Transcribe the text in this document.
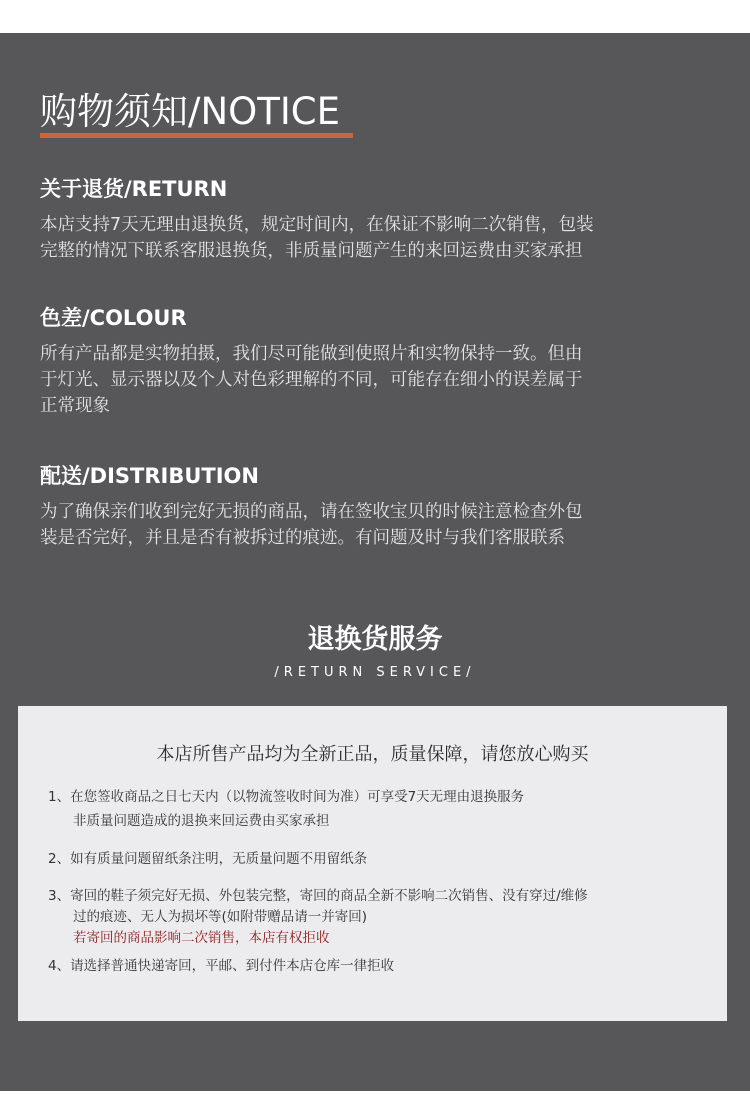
购物须知/NOTICE
关于退货/RETURN
本店支持7天无理由退换货，规定时间内，在保证不影响二次销售，包装
完整的情况下联系客服退换货，非质量问题产生的来回运费由买家承担
色差/COLOUR
所有产品都是实物拍摄，我们尽可能做到使照片和实物保持一致。但由
于灯光、显示器以及个人对色彩理解的不同，可能存在细小的误差属于
正常现象
配送/DISTRIBUTION
为了确保亲们收到完好无损的商品，请在签收宝贝的时候注意检查外包
装是否完好，并且是否有被拆过的痕迹。有问题及时与我们客服联系
退换货服务
/RETURN SERVICE/
本店所售产品均为全新正品，质量保障，请您放心购买
1、在您签收商品之日七天内（以物流签收时间为准）可享受7天无理由退换服务
非质量问题造成的退换来回运费由买家承担
2、如有质量问题留纸条注明，无质量问题不用留纸条
3、寄回的鞋子须完好无损、外包装完整，寄回的商品全新不影响二次销售、没有穿过/维修
过的痕迹、无人为损坏等(如附带赠品请一并寄回)
若寄回的商品影响二次销售，本店有权拒收
4、请选择普通快递寄回，平邮、到付件本店仓库一律拒收
